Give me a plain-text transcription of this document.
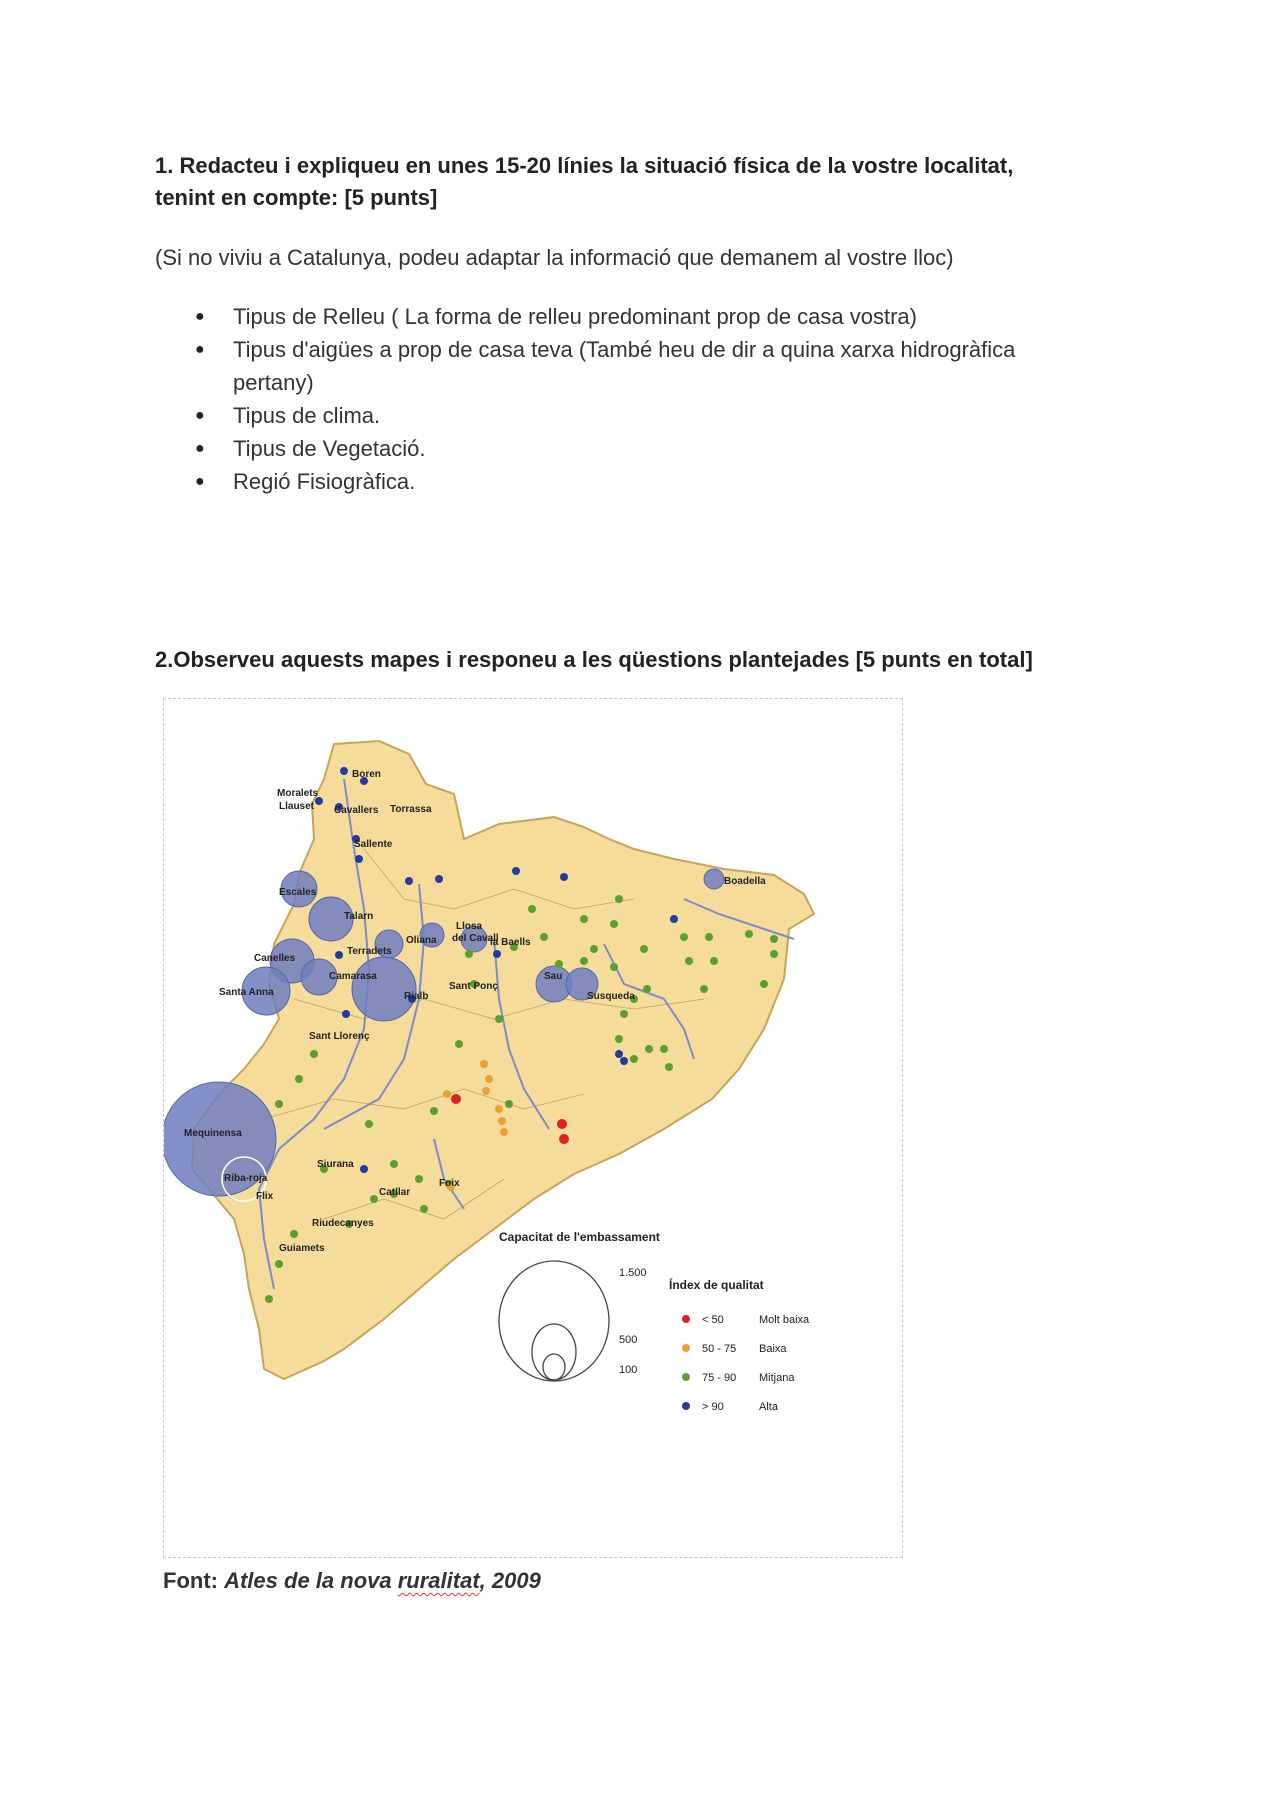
1. Redacteu i expliqueu en unes 15-20 línies la situació física de la vostre localitat,
tenint en compte: [5 punts]
(Si no viviu a Catalunya, podeu adaptar la informació que demanem al vostre lloc)
● Tipus de Relleu ( La forma de relleu predominant prop de casa vostra)
● Tipus d'aigües a prop de casa teva (També heu de dir a quina xarxa hidrogràfica
pertany)
● Tipus de clima.
● Tipus de Vegetació.
● Regió Fisiogràfica.
2.Observeu aquests mapes i responeu a les qüestions plantejades [5 punts en total]
Boren
Moralets
Llauset Cavallers Torrassa
Sallente
Escales
Talarn
Oliana
Llosa
del Cavall
la Baells
Boadella
Canelles
Terradets
Camarasa
Rialb
Sant Ponç
Sau
Susqueda
Santa Anna
Sant Llorenç
Mequinensa
Riba-roja
Flix
Siurana
Foix
Riudecanyes
Guiamets
Catllar
Capacitat de l'embassament
1.500
500
100
Índex de qualitat
< 50	Molt baixa
50 - 75 Baixa
75 - 90 Mitjana
> 90	Alta
Font: Atles de la nova ruralitat, 2009
